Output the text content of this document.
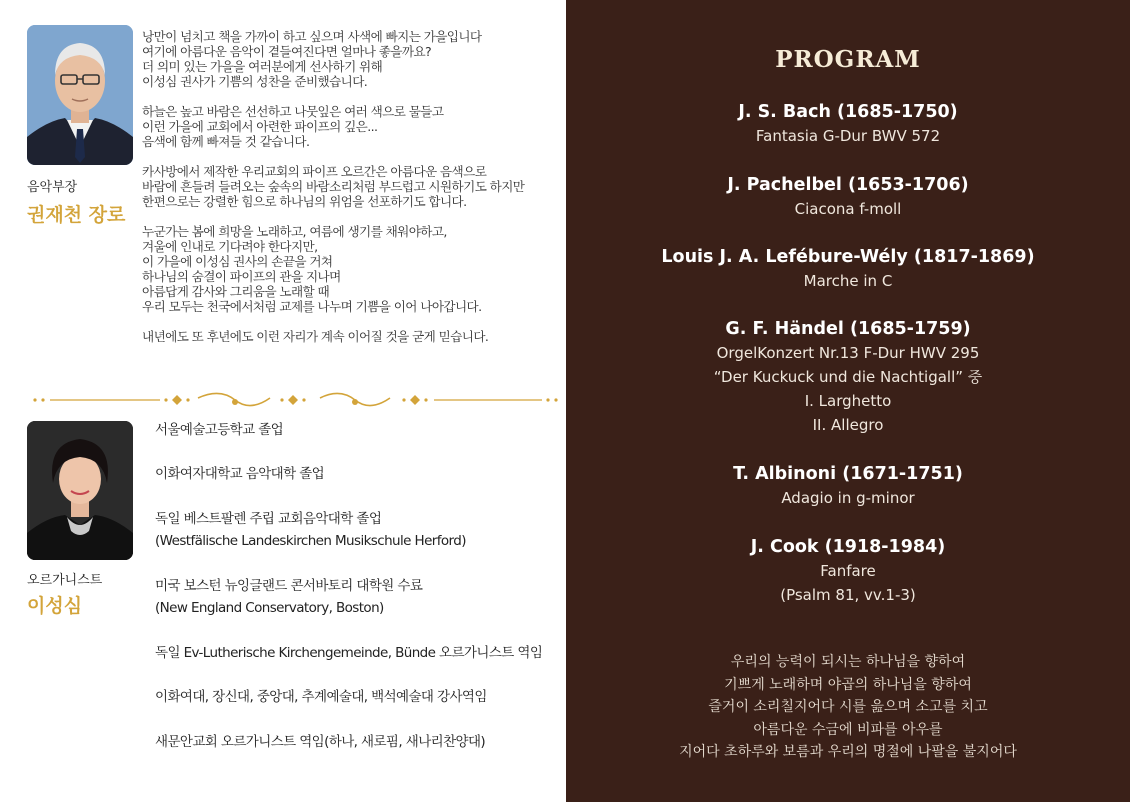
음악부장
권재천 장로

낭만이 넘치고 책을 가까이 하고 싶으며 사색에 빠지는 가을입니다
여기에 아름다운 음악이 곁들여진다면 얼마나 좋을까요?
더 의미 있는 가을을 여러분에게 선사하기 위해
이성심 권사가 기쁨의 성찬을 준비했습니다.

하늘은 높고 바람은 선선하고 나뭇잎은 여러 색으로 물들고
이런 가을에 교회에서 아련한 파이프의 깊은...
음색에 함께 빠져들 것 같습니다.

카사방에서 제작한 우리교회의 파이프 오르간은 아름다운 음색으로
바람에 흔들려 들려오는 숲속의 바람소리처럼 부드럽고 시원하기도 하지만
한편으로는 강렬한 힘으로 하나님의 위엄을 선포하기도 합니다.

누군가는 봄에 희망을 노래하고, 여름에 생기를 채워야하고,
겨울에 인내로 기다려야 한다지만,
이 가을에 이성심 권사의 손끝을 거쳐
하나님의 숨결이 파이프의 관을 지나며
아름답게 감사와 그리움을 노래할 때
우리 모두는 천국에서처럼 교제를 나누며 기쁨을 이어 나아갑니다.

내년에도 또 후년에도 이런 자리가 계속 이어질 것을 굳게 믿습니다.

오르가니스트
이성심
서울예술고등학교 졸업
이화여자대학교 음악대학 졸업
독일 베스트팔렌 주립 교회음악대학 졸업
(Westfälische Landeskirchen Musikschule Herford)
미국 보스턴 뉴잉글랜드 콘서바토리 대학원 수료
(New England Conservatory, Boston)
독일 Ev-Lutherische Kirchengemeinde, Bünde 오르가니스트 역임
이화여대, 장신대, 중앙대, 추계예술대, 백석예술대 강사역임
새문안교회 오르가니스트 역임(하나, 새로핌, 새나리찬양대)
PROGRAM
J. S. Bach (1685-1750)
Fantasia G-Dur BWV 572
J. Pachelbel (1653-1706)
Ciacona f-moll
Louis J. A. Lefébure-Wély (1817-1869)
Marche in C
G. F. Händel (1685-1759)
OrgelKonzert Nr.13 F-Dur HWV 295
“Der Kuckuck und die Nachtigall” 중
I. Larghetto
II. Allegro
T. Albinoni (1671-1751)
Adagio in g-minor
J. Cook (1918-1984)
Fanfare
(Psalm 81, vv.1-3)
우리의 능력이 되시는 하나님을 향하여
기쁘게 노래하며 야곱의 하나님을 향하여
즐거이 소리칠지어다 시를 읊으며 소고를 치고
아름다운 수금에 비파를 아우를
지어다 초하루와 보름과 우리의 명절에 나팔을 불지어다
